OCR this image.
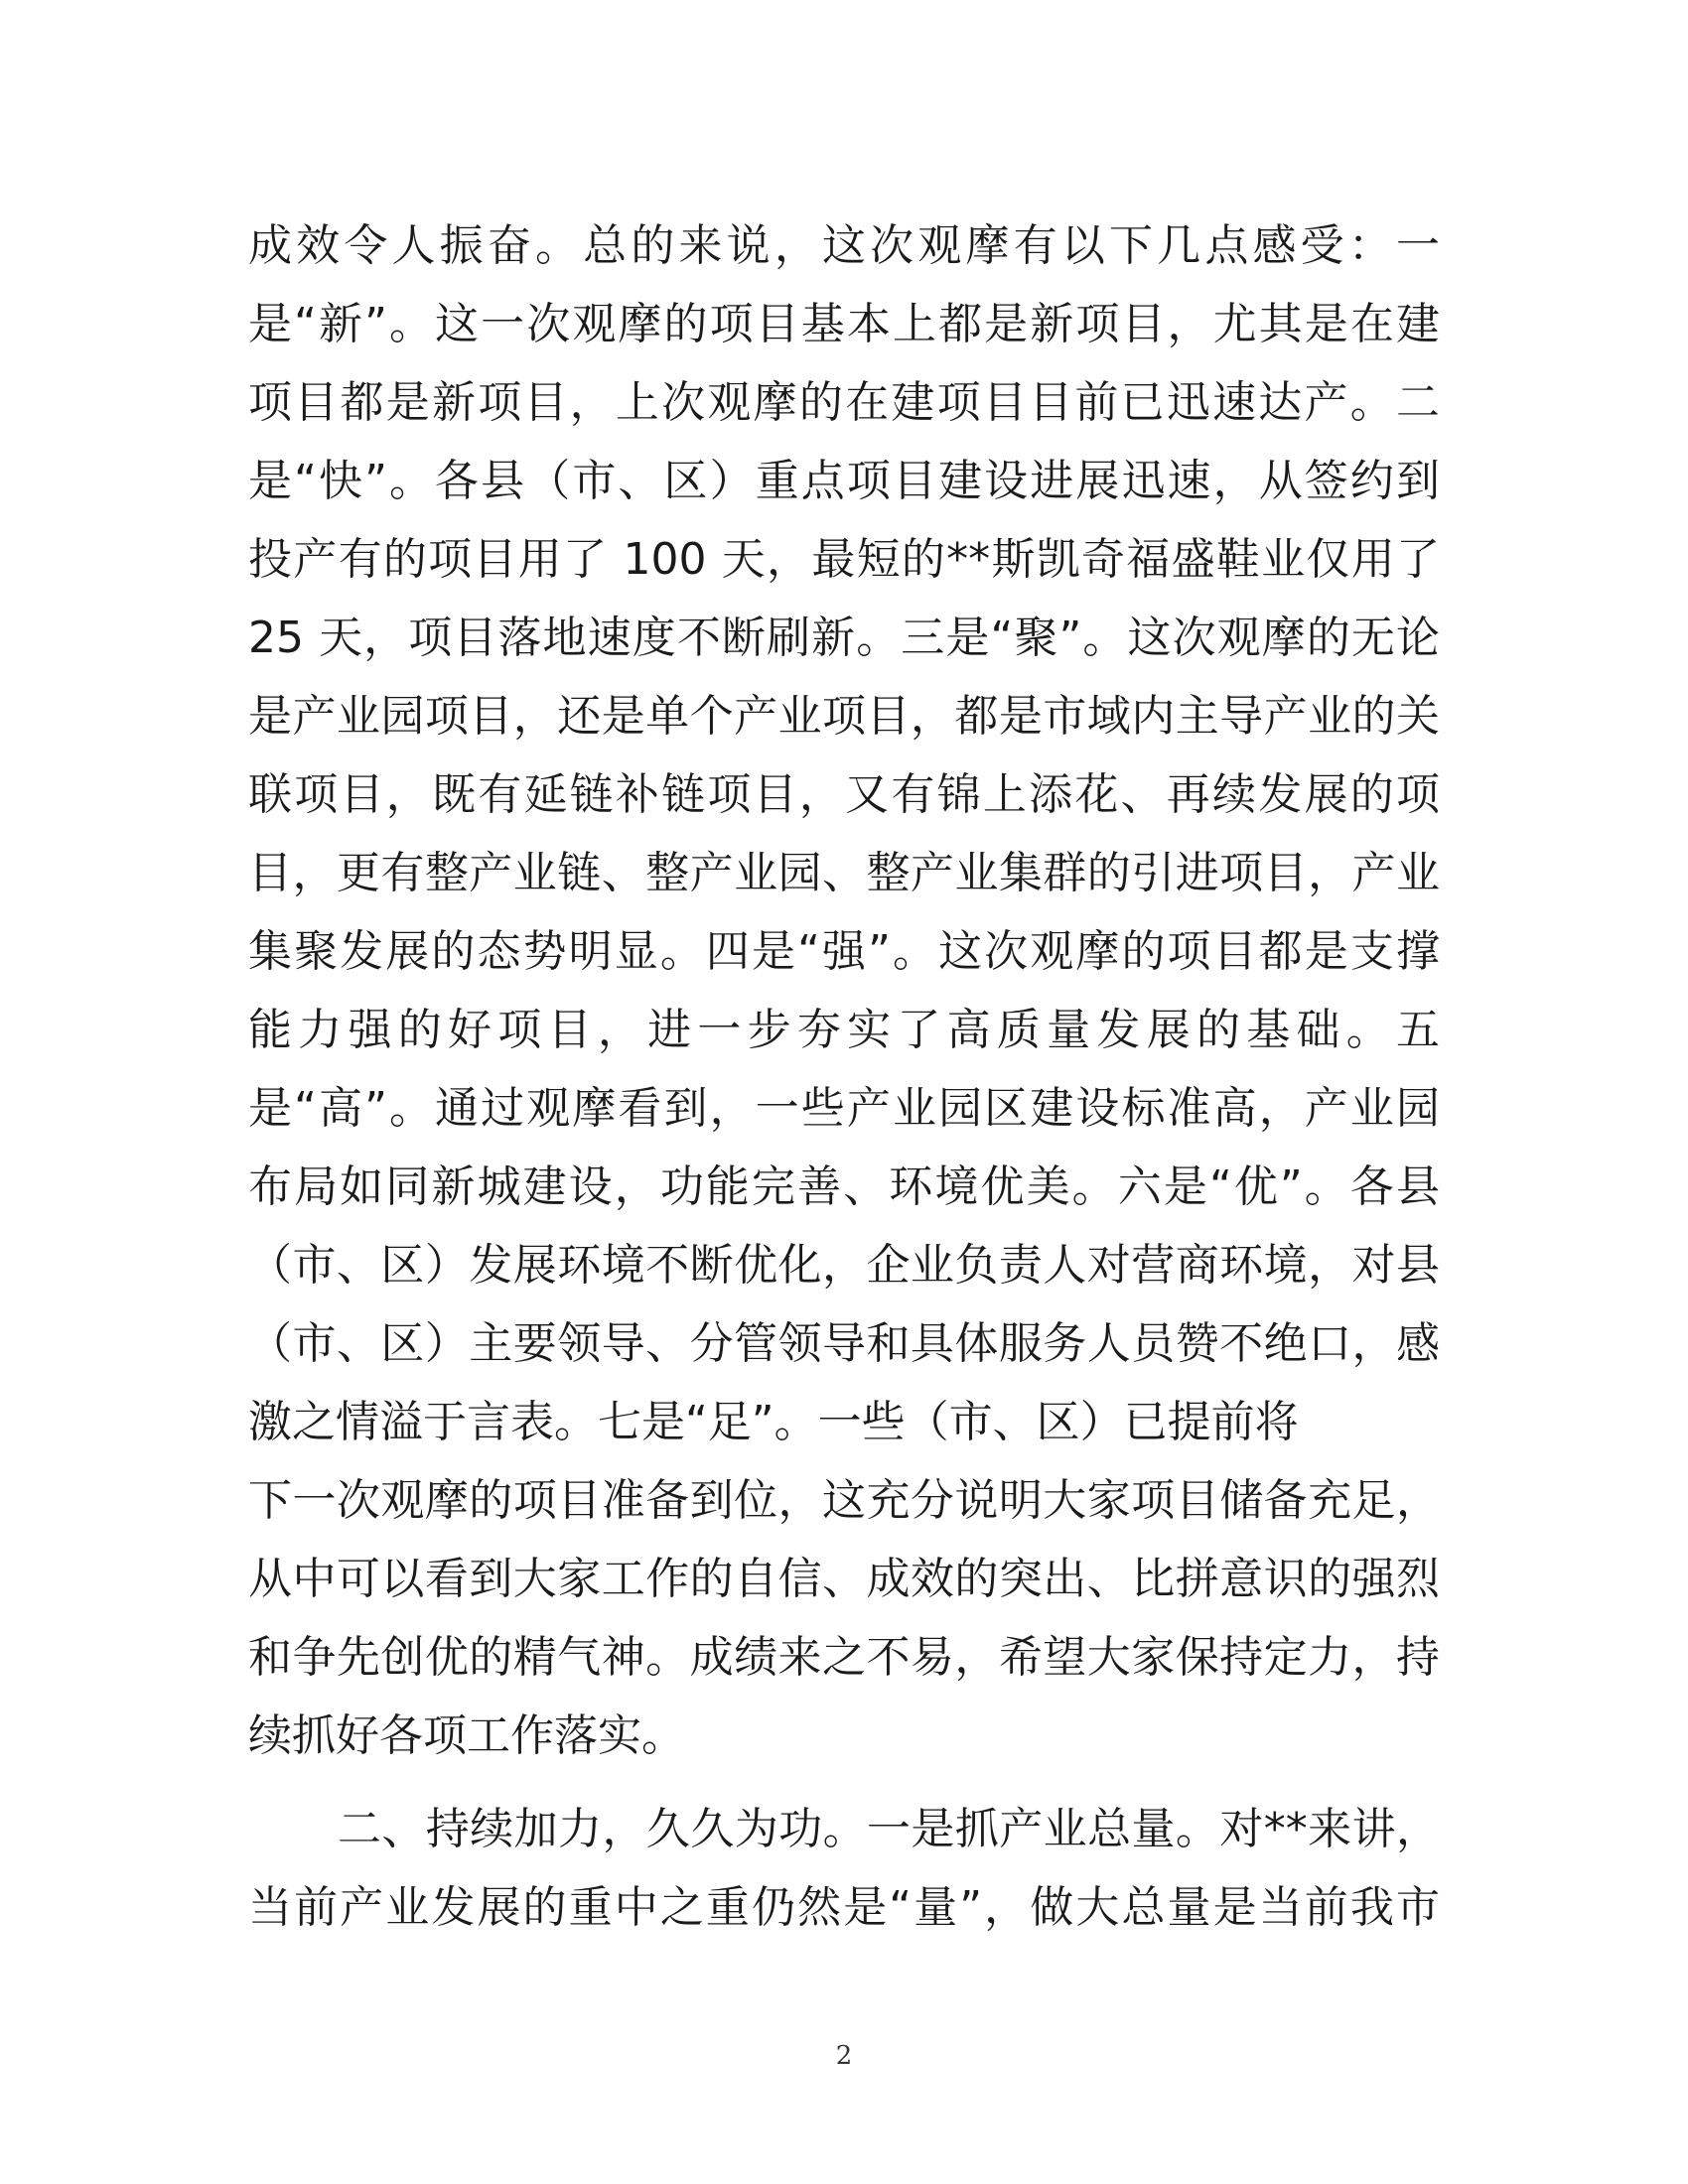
成效令人振奋。总的来说，这次观摩有以下几点感受：一
是“新”。这一次观摩的项目基本上都是新项目，尤其是在建
项目都是新项目，上次观摩的在建项目目前已迅速达产。二
是“快”。各县（市、区）重点项目建设进展迅速，从签约到
投产有的项目用了 100 天，最短的**斯凯奇福盛鞋业仅用了
25 天，项目落地速度不断刷新。三是“聚”。这次观摩的无论
是产业园项目，还是单个产业项目，都是市域内主导产业的关
联项目，既有延链补链项目，又有锦上添花、再续发展的项
目，更有整产业链、整产业园、整产业集群的引进项目，产业
集聚发展的态势明显。四是“强”。这次观摩的项目都是支撑
能力强的好项目，进一步夯实了高质量发展的基础。五
是“高”。通过观摩看到，一些产业园区建设标准高，产业园
布局如同新城建设，功能完善、环境优美。六是“优”。各县
（市、区）发展环境不断优化，企业负责人对营商环境，对县
（市、区）主要领导、分管领导和具体服务人员赞不绝口，感
激之情溢于言表。七是“足”。一些（市、区）已提前将
下一次观摩的项目准备到位，这充分说明大家项目储备充足，
从中可以看到大家工作的自信、成效的突出、比拼意识的强烈
和争先创优的精气神。成绩来之不易，希望大家保持定力，持
续抓好各项工作落实。
二、持续加力，久久为功。一是抓产业总量。对**来讲，
当前产业发展的重中之重仍然是“量”，做大总量是当前我市
2
